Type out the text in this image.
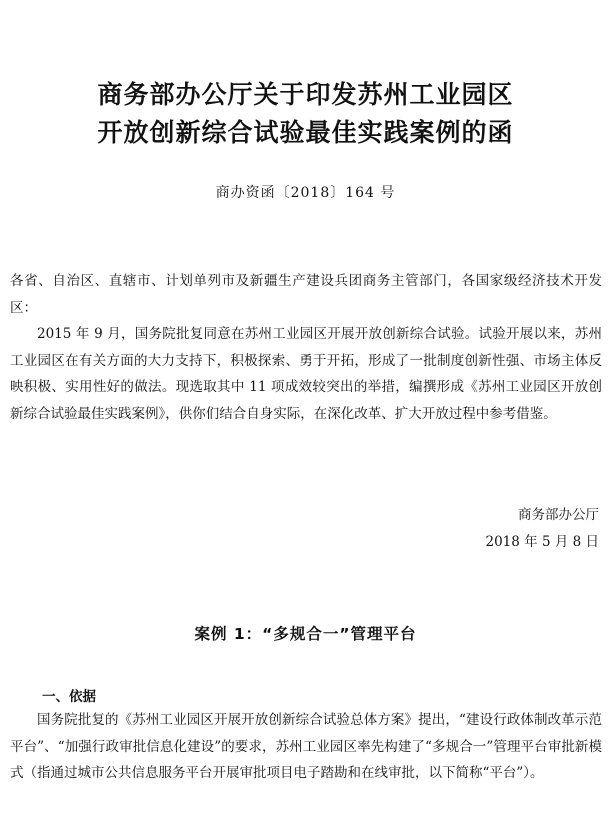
商务部办公厅关于印发苏州工业园区
开放创新综合试验最佳实践案例的函
商办资函〔2018〕164 号

各省、自治区、直辖市、计划单列市及新疆生产建设兵团商务主管部门，各国家级经济技术开发区：

2015 年 9 月，国务院批复同意在苏州工业园区开展开放创新综合试验。试验开展以来，苏州工业园区在有关方面的大力支持下，积极探索、勇于开拓，形成了一批制度创新性强、市场主体反映积极、实用性好的做法。现选取其中 11 项成效较突出的举措，编撰形成《苏州工业园区开放创新综合试验最佳实践案例》，供你们结合自身实际，在深化改革、扩大开放过程中参考借鉴。

商务部办公厅
2018 年 5 月 8 日
案例 1：“多规合一”管理平台
一、依据

国务院批复的《苏州工业园区开展开放创新综合试验总体方案》提出，“建设行政体制改革示范平台”、“加强行政审批信息化建设”的要求，苏州工业园区率先构建了“多规合一”管理平台审批新模式（指通过城市公共信息服务平台开展审批项目电子踏勘和在线审批，以下简称“平台”）。
